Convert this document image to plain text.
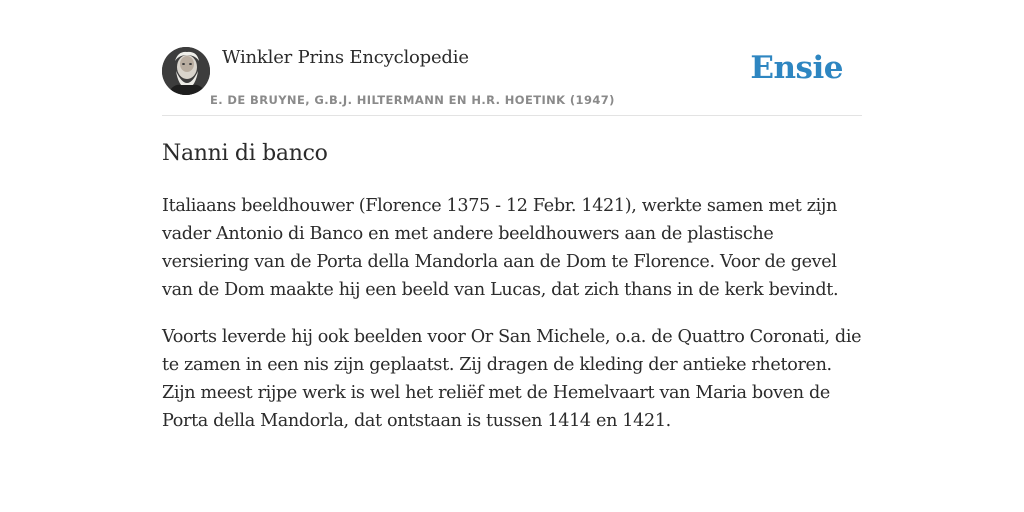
Winkler Prins Encyclopedie
E. DE BRUYNE, G.B.J. HILTERMANN EN H.R. HOETINK (1947)
Ensie
Nanni di banco

Italiaans beeldhouwer (Florence 1375 - 12 Febr. 1421), werkte samen met zijn vader Antonio di Banco en met andere beeldhouwers aan de plastische versiering van de Porta della Mandorla aan de Dom te Florence. Voor de gevel van de Dom maakte hij een beeld van Lucas, dat zich thans in de kerk bevindt.

Voorts leverde hij ook beelden voor Or San Michele, o.a. de Quattro Coronati, die te zamen in een nis zijn geplaatst. Zij dragen de kleding der antieke rhetoren. Zijn meest rijpe werk is wel het reliëf met de Hemelvaart van Maria boven de Porta della Mandorla, dat ontstaan is tussen 1414 en 1421.
